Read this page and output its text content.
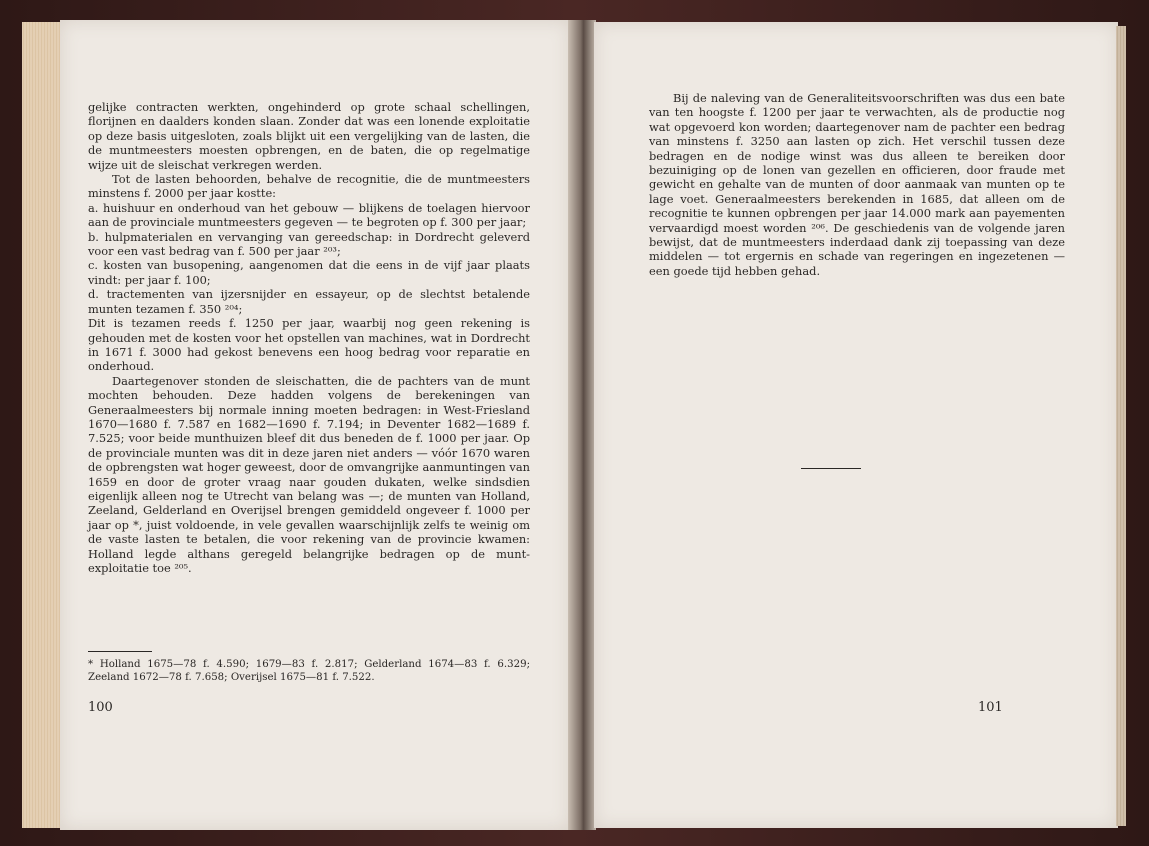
gelijke contracten werkten, ongehinderd op grote schaal schellingen, florijnen en daalders konden slaan. Zonder dat was een lonende exploitatie op deze basis uitgesloten, zoals blijkt uit een vergelijking van de lasten, die de muntmeesters moesten opbrengen, en de baten, die op regelmatige wijze uit de sleischat verkregen werden.

Tot de lasten behoorden, behalve de recognitie, die de muntmeesters minstens f. 2000 per jaar kostte:

a. huishuur en onderhoud van het gebouw — blijkens de toelagen hiervoor aan de provinciale muntmeesters gegeven — te begroten op f. 300 per jaar;

b. hulpmaterialen en vervanging van gereedschap: in Dordrecht geleverd voor een vast bedrag van f. 500 per jaar ²⁰³;

c. kosten van busopening, aangenomen dat die eens in de vijf jaar plaats vindt: per jaar f. 100;

d. tractementen van ijzersnijder en essayeur, op de slechtst betalende munten tezamen f. 350 ²⁰⁴;

Dit is tezamen reeds f. 1250 per jaar, waarbij nog geen rekening is gehouden met de kosten voor het opstellen van machines, wat in Dordrecht in 1671 f. 3000 had gekost benevens een hoog bedrag voor reparatie en onderhoud.

Daartegenover stonden de sleischatten, die de pachters van de munt mochten behouden. Deze hadden volgens de berekeningen van Generaalmeesters bij normale inning moeten bedragen: in West-Friesland 1670—1680 f. 7.587 en 1682—1690 f. 7.194; in Deventer 1682—1689 f. 7.525; voor beide munthuizen bleef dit dus beneden de f. 1000 per jaar. Op de provinciale munten was dit in deze jaren niet anders — vóór 1670 waren de opbrengsten wat hoger geweest, door de omvangrijke aanmuntingen van 1659 en door de groter vraag naar gouden dukaten, welke sindsdien eigenlijk alleen nog te Utrecht van belang was —; de munten van Holland, Zeeland, Gelderland en Overijsel brengen gemiddeld ongeveer f. 1000 per jaar op *, juist voldoende, in vele gevallen waarschijnlijk zelfs te weinig om de vaste lasten te betalen, die voor rekening van de provincie kwamen: Holland legde althans geregeld belangrijke bedragen op de munt-exploitatie toe ²⁰⁵.

* Holland 1675—78 f. 4.590; 1679—83 f. 2.817; Gelderland 1674—83 f. 6.329; Zeeland 1672—78 f. 7.658; Overijsel 1675—81 f. 7.522.
100

Bij de naleving van de Generaliteitsvoorschriften was dus een bate van ten hoogste f. 1200 per jaar te verwachten, als de productie nog wat opgevoerd kon worden; daartegenover nam de pachter een bedrag van minstens f. 3250 aan lasten op zich. Het verschil tussen deze bedragen en de nodige winst was dus alleen te bereiken door bezuiniging op de lonen van gezellen en officieren, door fraude met gewicht en gehalte van de munten of door aanmaak van munten op te lage voet. Generaalmeesters berekenden in 1685, dat alleen om de recognitie te kunnen opbrengen per jaar 14.000 mark aan payementen vervaardigd moest worden ²⁰⁶. De geschiedenis van de volgende jaren bewijst, dat de muntmeesters inderdaad dank zij toepassing van deze middelen — tot ergernis en schade van regeringen en ingezetenen — een goede tijd hebben gehad.

101
